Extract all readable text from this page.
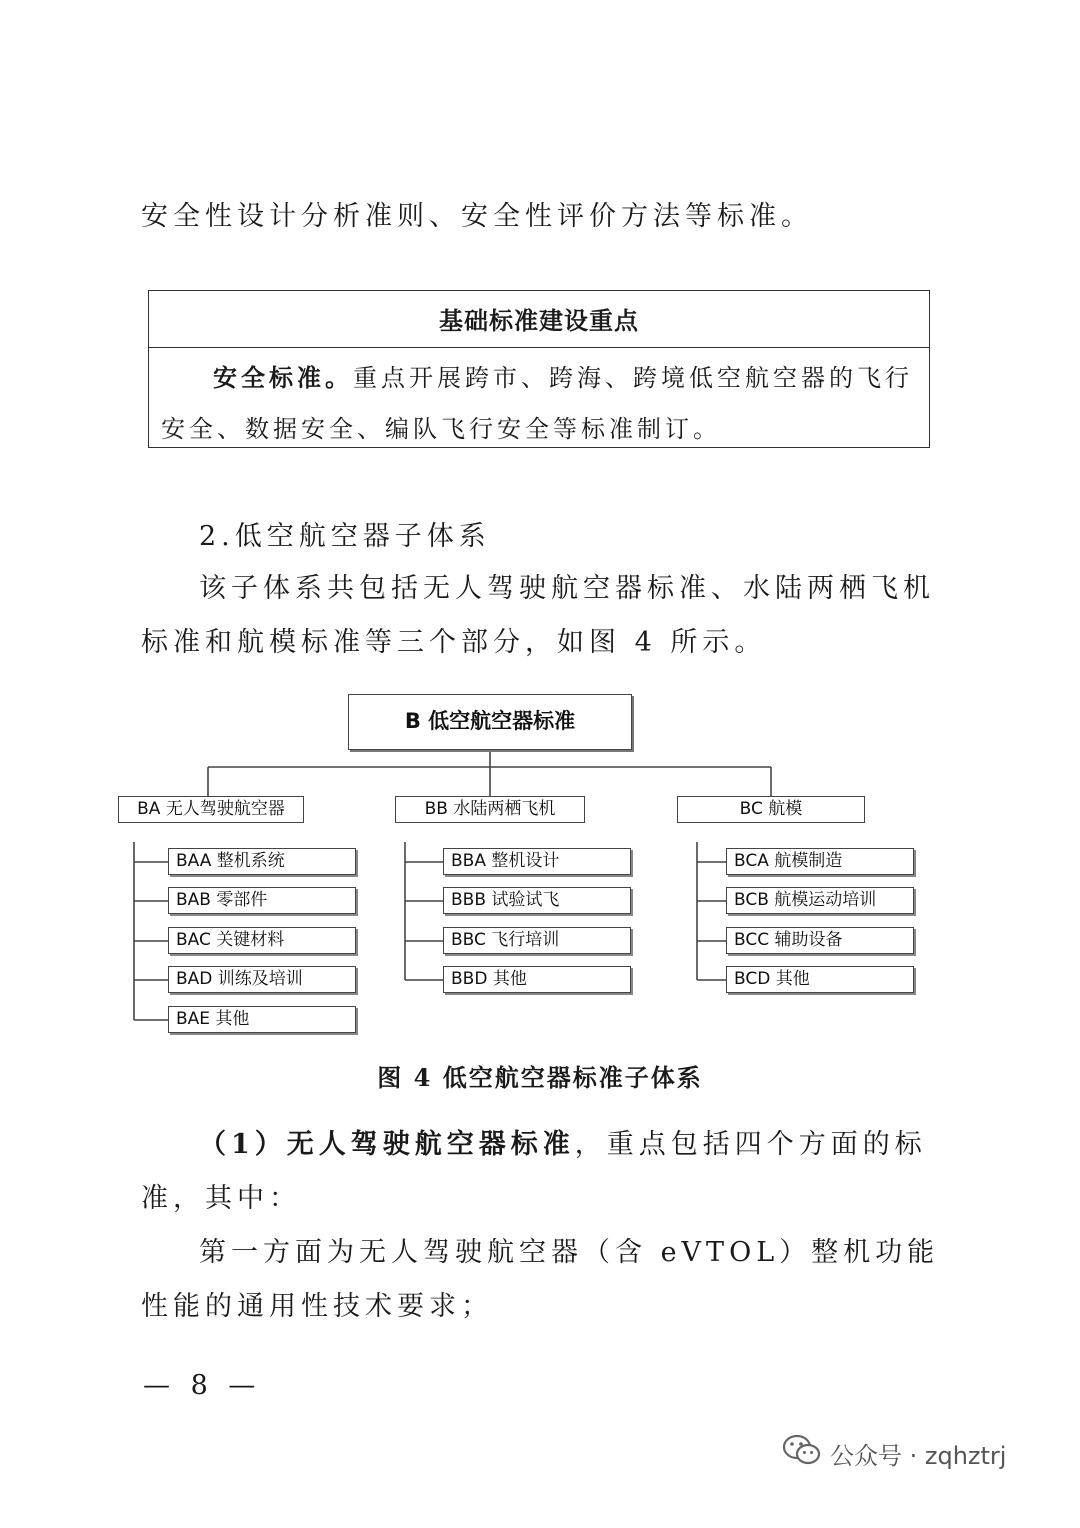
安全性设计分析准则、安全性评价方法等标准。

基础标准建设重点
安全标准。重点开展跨市、跨海、跨境低空航空器的飞行安全、数据安全、编队飞行安全等标准制订。

2.低空航空器子体系

该子体系共包括无人驾驶航空器标准、水陆两栖飞机标准和航模标准等三个部分，如图 4 所示。

B 低空航空器标准
BA 无人驾驶航空器	BB 水陆两栖飞机	BC 航模
BAA 整机系统
BAB 零部件
BAC 关键材料
BAD 训练及培训
BAE 其他
BBA 整机设计
BBB 试验试飞
BBC 飞行培训
BBD 其他
BCA 航模制造
BCB 航模运动培训
BCC 辅助设备
BCD 其他
图 4 低空航空器标准子体系

（1）无人驾驶航空器标准，重点包括四个方面的标准，其中：

第一方面为无人驾驶航空器（含 eVTOL）整机功能性能的通用性技术要求；

— 8 —
公众号 · zqhztrj
